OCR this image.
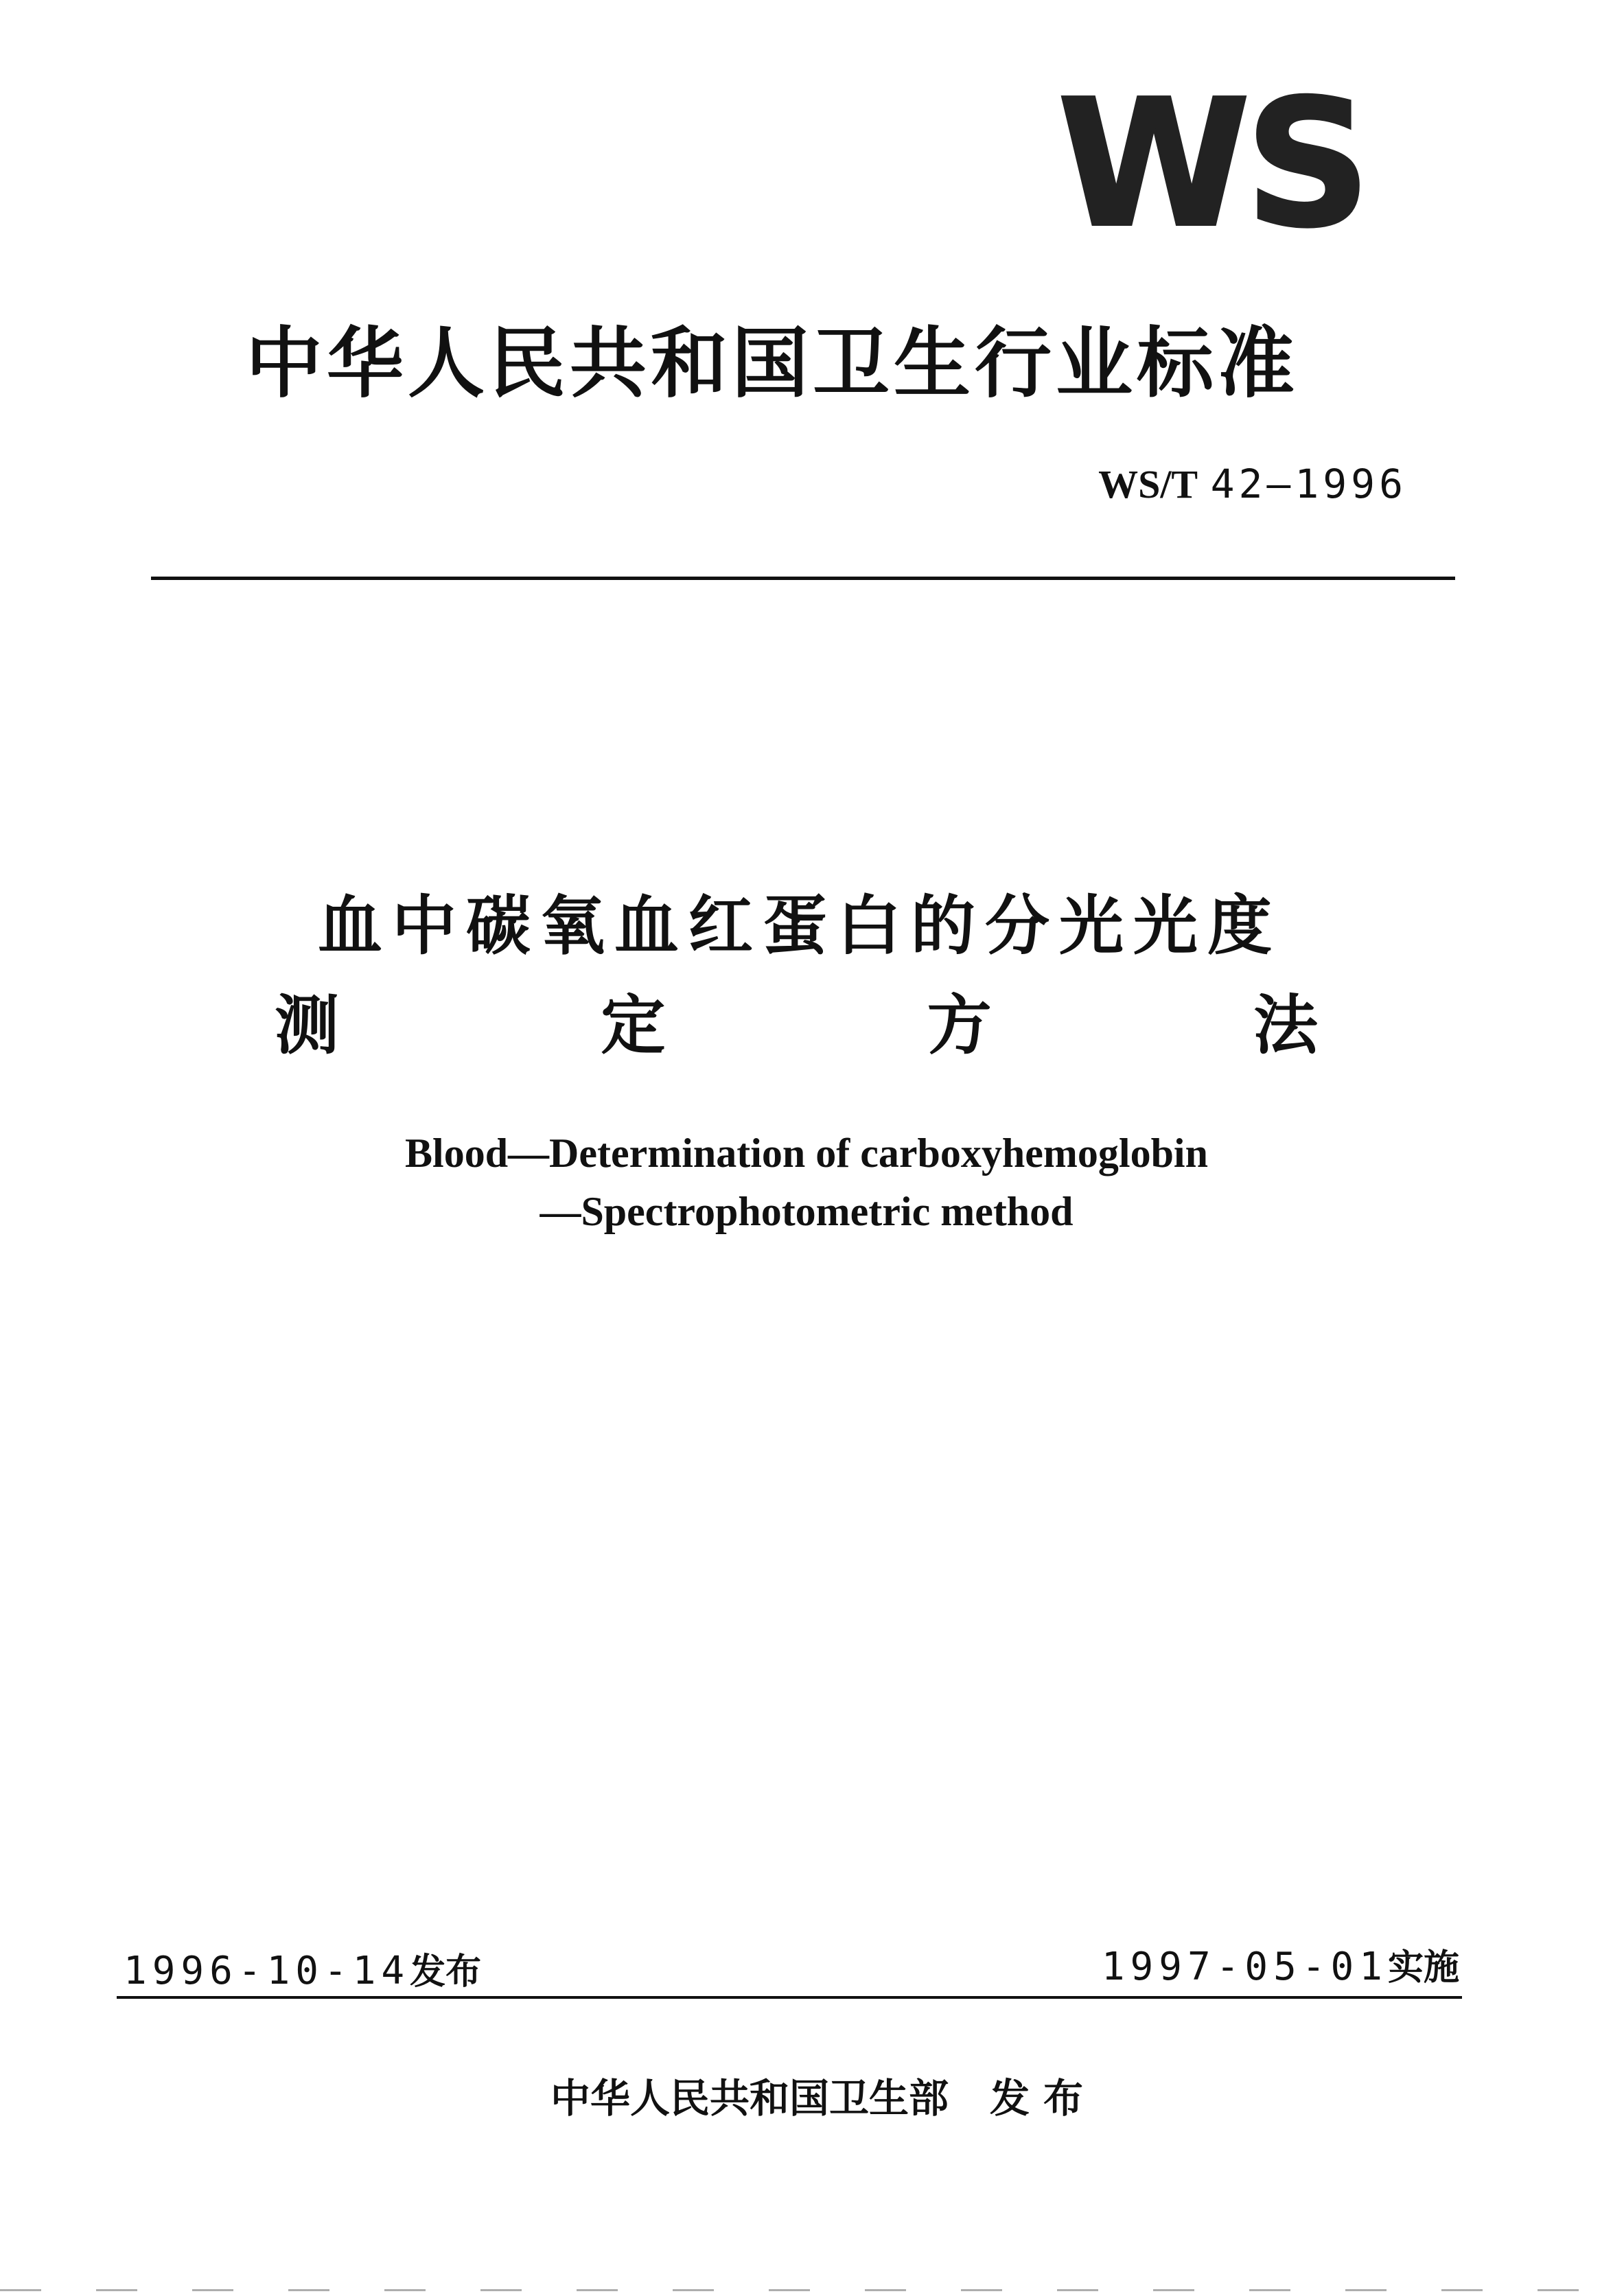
WS
中华人民共和国卫生行业标准
WS/T 42—1996
血中碳氧血红蛋白的分光光度
测	定	方	法
Blood—Determination of carboxyhemoglobin
—Spectrophotometric method
1996-10-14发布	1997-05-01实施
中华人民共和国卫生部 发布
